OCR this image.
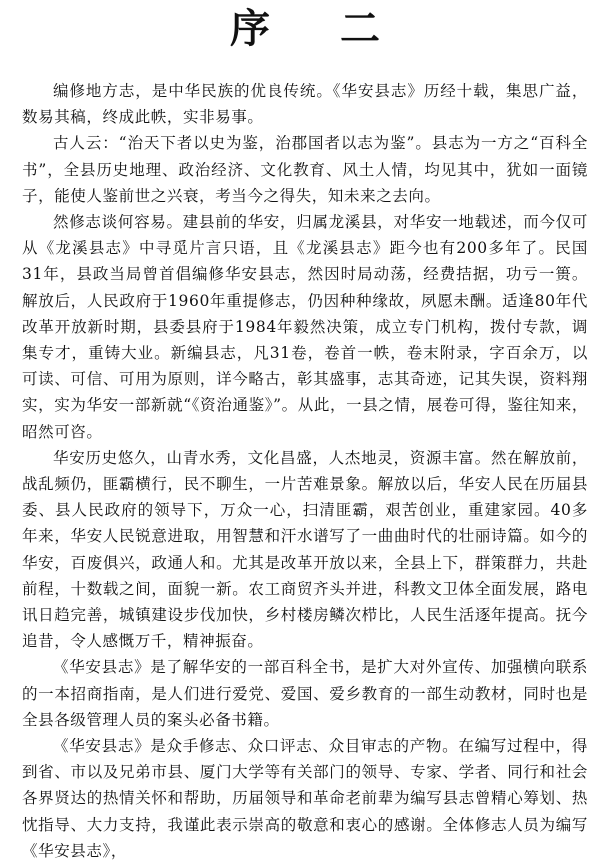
序 二

编修地方志，是中华民族的优良传统。《华安县志》历经十载，集思广益，数易其稿，终成此帙，实非易事。

古人云：“治天下者以史为鉴，治郡国者以志为鉴”。县志为一方之“百科全书”，全县历史地理、政治经济、文化教育、风土人情，均见其中，犹如一面镜子，能使人鉴前世之兴衰，考当今之得失，知未来之去向。

然修志谈何容易。建县前的华安，归属龙溪县，对华安一地载述，而今仅可从《龙溪县志》中寻觅片言只语，且《龙溪县志》距今也有200多年了。民国31年，县政当局曾首倡编修华安县志，然因时局动荡，经费拮据，功亏一篑。解放后，人民政府于1960年重提修志，仍因种种缘故，夙愿未酬。适逢80年代改革开放新时期，县委县府于1984年毅然决策，成立专门机构，拨付专款，调集专才，重铸大业。新编县志，凡31卷，卷首一帙，卷末附录，字百余万，以可读、可信、可用为原则，详今略古，彰其盛事，志其奇迹，记其失误，资料翔实，实为华安一部新就“《资治通鉴》”。从此，一县之情，展卷可得，鉴往知来，昭然可咨。

华安历史悠久，山青水秀，文化昌盛，人杰地灵，资源丰富。然在解放前，战乱频仍，匪霸横行，民不聊生，一片苦难景象。解放以后，华安人民在历届县委、县人民政府的领导下，万众一心，扫清匪霸，艰苦创业，重建家园。40多年来，华安人民锐意进取，用智慧和汗水谱写了一曲曲时代的壮丽诗篇。如今的华安，百废俱兴，政通人和。尤其是改革开放以来，全县上下，群策群力，共赴前程，十数载之间，面貌一新。农工商贸齐头并进，科教文卫体全面发展，路电讯日趋完善，城镇建设步伐加快，乡村楼房鳞次栉比，人民生活逐年提高。抚今追昔，令人感慨万千，精神振奋。

《华安县志》是了解华安的一部百科全书，是扩大对外宣传、加强横向联系的一本招商指南，是人们进行爱党、爱国、爱乡教育的一部生动教材，同时也是全县各级管理人员的案头必备书籍。

《华安县志》是众手修志、众口评志、众目审志的产物。在编写过程中，得到省、市以及兄弟市县、厦门大学等有关部门的领导、专家、学者、同行和社会各界贤达的热情关怀和帮助，历届领导和革命老前辈为编写县志曾精心筹划、热忱指导、大力支持，我谨此表示崇高的敬意和衷心的感谢。全体修志人员为编写《华安县志》，
